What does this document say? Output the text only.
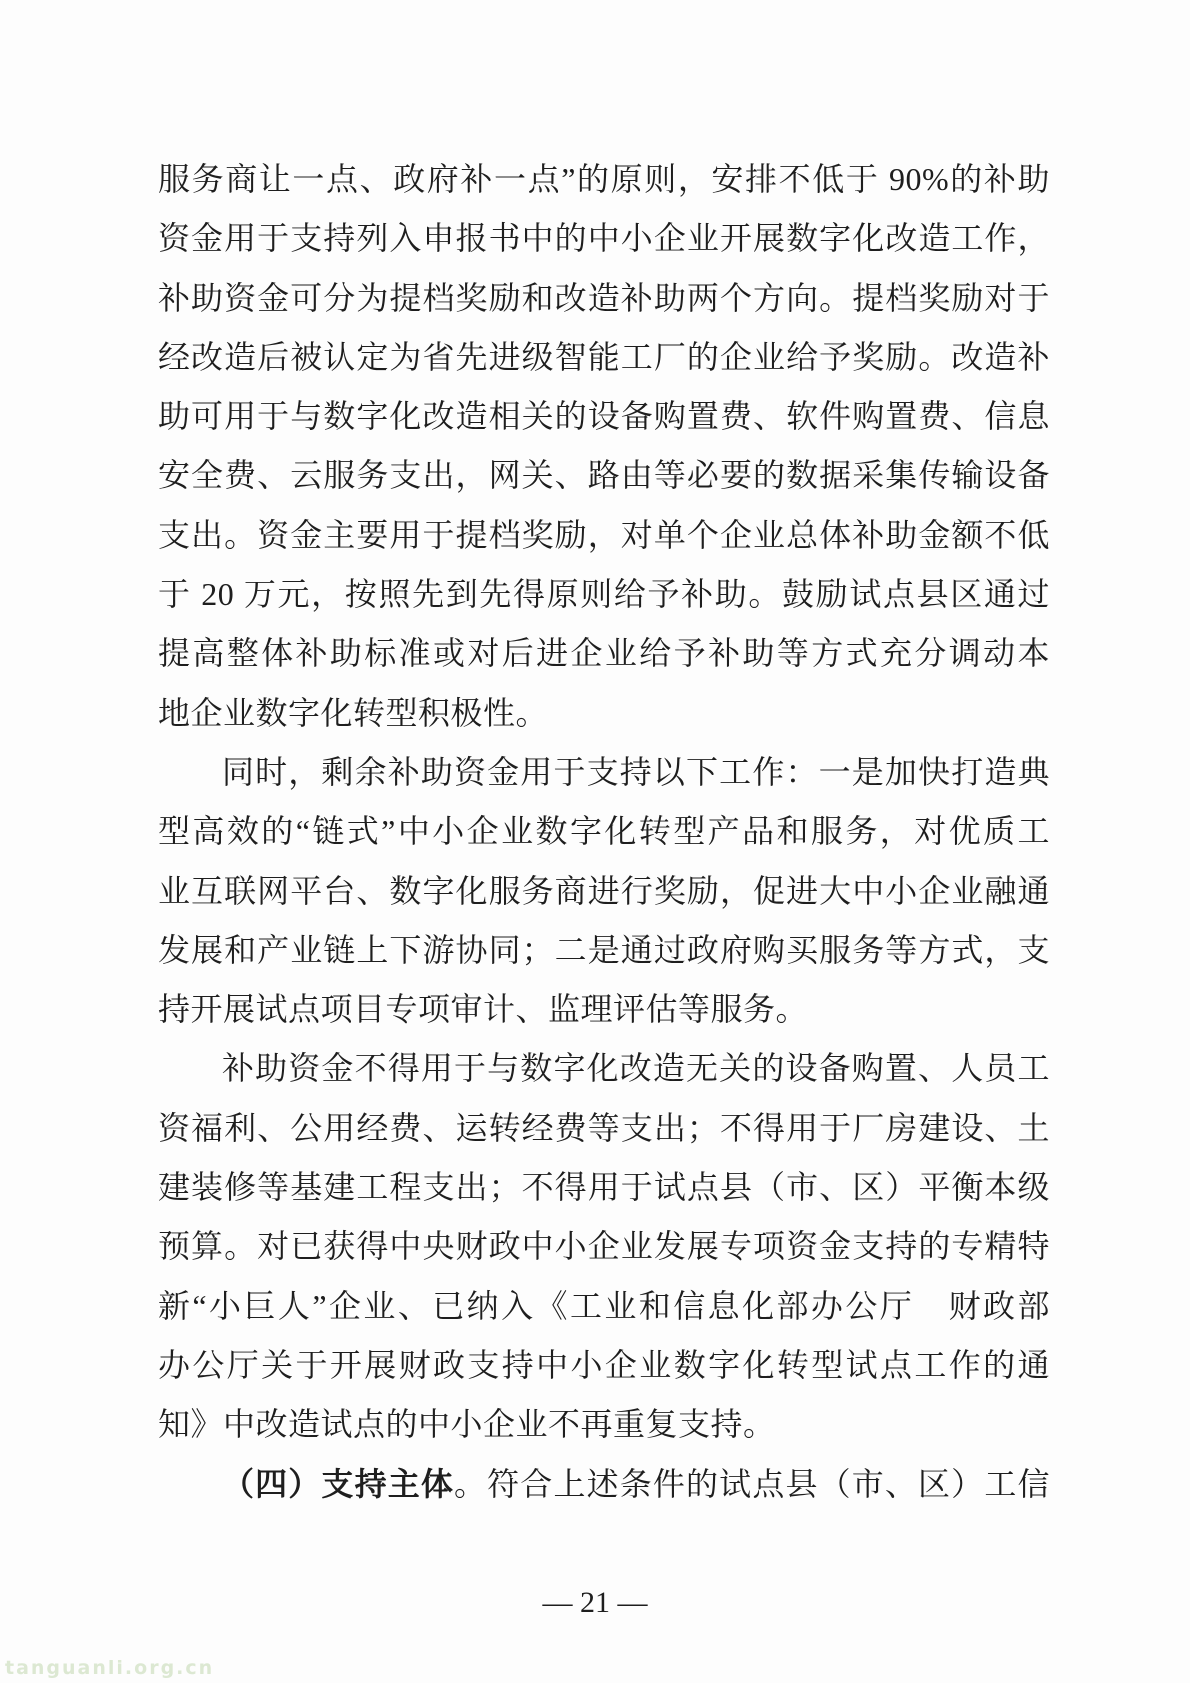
服务商让一点、政府补一点”的原则，安排不低于 90%的补助
资金用于支持列入申报书中的中小企业开展数字化改造工作，
补助资金可分为提档奖励和改造补助两个方向。提档奖励对于
经改造后被认定为省先进级智能工厂的企业给予奖励。改造补
助可用于与数字化改造相关的设备购置费、软件购置费、信息
安全费、云服务支出，网关、路由等必要的数据采集传输设备
支出。资金主要用于提档奖励，对单个企业总体补助金额不低
于 20 万元，按照先到先得原则给予补助。鼓励试点县区通过
提高整体补助标准或对后进企业给予补助等方式充分调动本
地企业数字化转型积极性。
同时，剩余补助资金用于支持以下工作：一是加快打造典
型高效的“链式”中小企业数字化转型产品和服务，对优质工
业互联网平台、数字化服务商进行奖励，促进大中小企业融通
发展和产业链上下游协同；二是通过政府购买服务等方式，支
持开展试点项目专项审计、监理评估等服务。
补助资金不得用于与数字化改造无关的设备购置、人员工
资福利、公用经费、运转经费等支出；不得用于厂房建设、土
建装修等基建工程支出；不得用于试点县（市、区）平衡本级
预算。对已获得中央财政中小企业发展专项资金支持的专精特
新“小巨人”企业、已纳入《工业和信息化部办公厅　财政部
办公厅关于开展财政支持中小企业数字化转型试点工作的通
知》中改造试点的中小企业不再重复支持。
（四）支持主体。符合上述条件的试点县（市、区）工信
— 21 —
tanguanli.org.cn
